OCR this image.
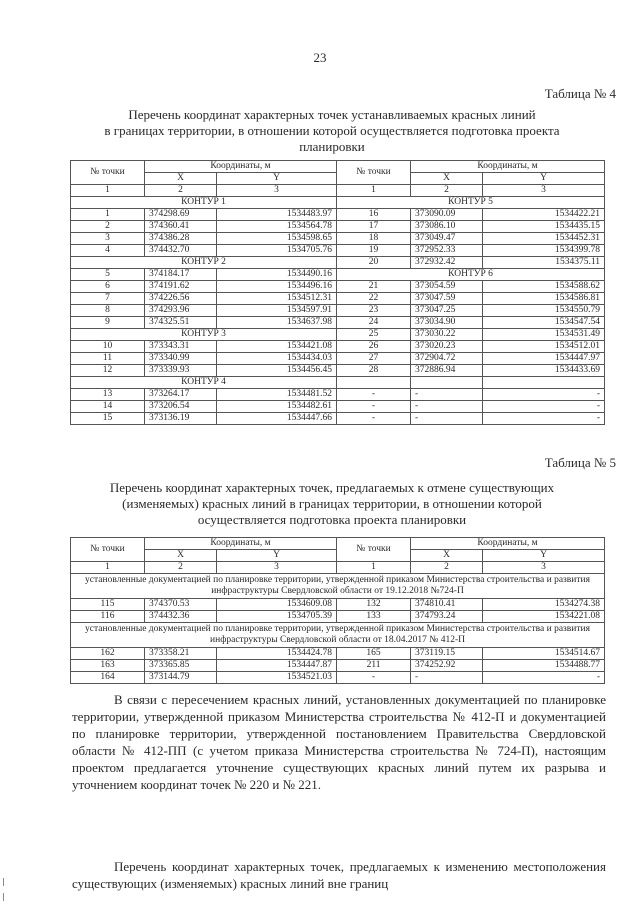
23
Таблица № 4
Перечень координат характерных точек устанавливаемых красных линий
в границах территории, в отношении которой осуществляется подготовка проекта
планировки
№ точки	Координаты, м		№ точки	Координаты, м	
	X	Y		X	Y
1	2	3	1	2	3
КОНТУР 1			КОНТУР 5		
1	374298.69	1534483.97	16	373090.09	1534422.21
2	374360.41	1534564.78	17	373086.10	1534435.15
3	374386.28	1534598.65	18	373049.47	1534452.31
4	374432.70	1534705.76	19	372952.33	1534399.78
КОНТУР 2			20	372932.42	1534375.11
5	374184.17	1534490.16	КОНТУР 6		
6	374191.62	1534496.16	21	373054.59	1534588.62
7	374226.56	1534512.31	22	373047.59	1534586.81
8	374293.96	1534597.91	23	373047.25	1534550.79
9	374325.51	1534637.98	24	373034.90	1534547.54
КОНТУР 3			25	373030.22	1534531.49
10	373343.31	1534421.08	26	373020.23	1534512.01
11	373340.99	1534434.03	27	372904.72	1534447.97
12	373339.93	1534456.45	28	372886.94	1534433.69
КОНТУР 4					
13	373264.17	1534481.52	-	-	-
14	373206.54	1534482.61	-	-	-
15	373136.19	1534447.66	-	-	-
Таблица № 5
Перечень координат характерных точек, предлагаемых к отмене существующих
(изменяемых) красных линий в границах территории, в отношении которой
осуществляется подготовка проекта планировки
№ точки	Координаты, м		№ точки	Координаты, м	
	X	Y		X	Y
1	2	3	1	2	3
установленные документацией по планировке территории, утвержденной приказом Министерства строительства и развития инфраструктуры Свердловской области от 19.12.2018 №724-П					
115	374370.53	1534609.08	132	374810.41	1534274.38
116	374432.36	1534705.39	133	374793.24	1534221.08
установленные документацией по планировке территории, утвержденной приказом Министерства строительства и развития инфраструктуры Свердловской области от 18.04.2017 № 412-П					
162	373358.21	1534424.78	165	373119.15	1534514.67
163	373365.85	1534447.87	211	374252.92	1534488.77
164	373144.79	1534521.03	-	-	-
В связи с пересечением красных линий, установленных документацией по планировке территории, утвержденной приказом Министерства строительства № 412-П и документацией по планировке территории, утвержденной постановлением Правительства Свердловской области № 412-ПП (с учетом приказа Министерства строительства № 724-П), настоящим проектом предлагается уточнение существующих красных линий путем их разрыва и уточнением координат точек № 220 и № 221.
Перечень координат характерных точек, предлагаемых к изменению местоположения существующих (изменяемых) красных линий вне границ
